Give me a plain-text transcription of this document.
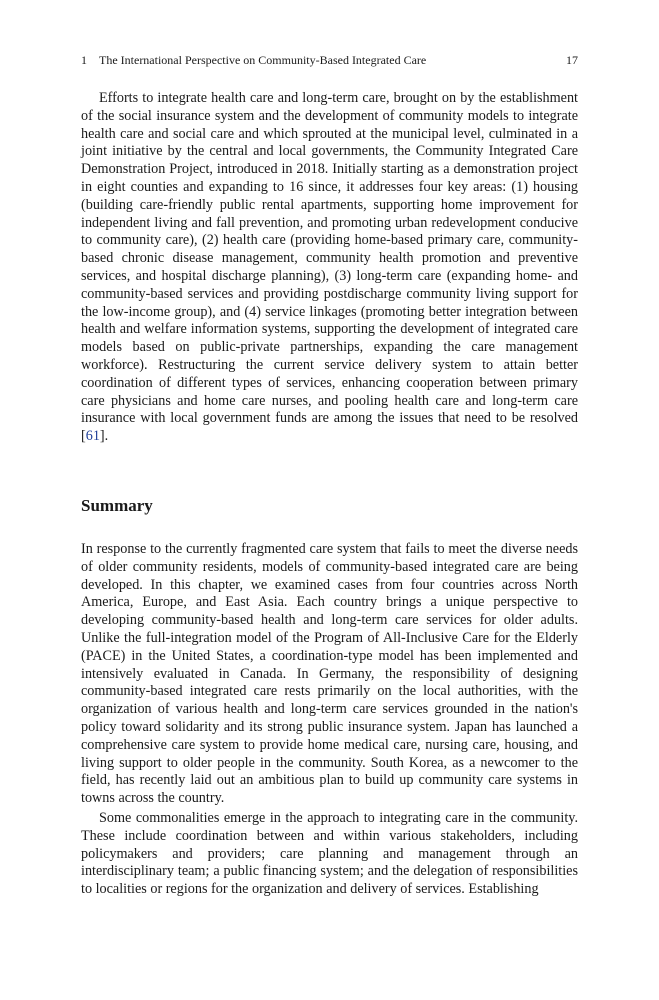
1 The International Perspective on Community-Based Integrated Care	17

Efforts to integrate health care and long-term care, brought on by the establishment of the social insurance system and the development of community models to integrate health care and social care and which sprouted at the municipal level, culminated in a joint initiative by the central and local governments, the Community Integrated Care Demonstration Project, introduced in 2018. Initially starting as a demonstration project in eight counties and expanding to 16 since, it addresses four key areas: (1) housing (building care-friendly public rental apartments, supporting home improvement for independent living and fall prevention, and promoting urban redevelopment conducive to community care), (2) health care (providing home-based primary care, community-based chronic disease management, community health promotion and preventive services, and hospital discharge planning), (3) long-term care (expanding home- and community-based services and providing postdischarge community living support for the low-income group), and (4) service linkages (promoting better integration between health and welfare information systems, supporting the development of integrated care models based on public-private partnerships, expanding the care management workforce). Restructuring the current service delivery system to attain better coordination of different types of services, enhancing cooperation between primary care physicians and home care nurses, and pooling health care and long-term care insurance with local government funds are among the issues that need to be resolved [61].

Summary

In response to the currently fragmented care system that fails to meet the diverse needs of older community residents, models of community-based integrated care are being developed. In this chapter, we examined cases from four countries across North America, Europe, and East Asia. Each country brings a unique perspective to developing community-based health and long-term care services for older adults. Unlike the full-integration model of the Program of All-Inclusive Care for the Elderly (PACE) in the United States, a coordination-type model has been implemented and intensively evaluated in Canada. In Germany, the responsibility of designing community-based integrated care rests primarily on the local authorities, with the organization of various health and long-term care services grounded in the nation's policy toward solidarity and its strong public insurance system. Japan has launched a comprehensive care system to provide home medical care, nursing care, housing, and living support to older people in the community. South Korea, as a newcomer to the field, has recently laid out an ambitious plan to build up community care systems in towns across the country.

Some commonalities emerge in the approach to integrating care in the community. These include coordination between and within various stakeholders, including policymakers and providers; care planning and management through an interdisciplinary team; a public financing system; and the delegation of responsibilities to localities or regions for the organization and delivery of services. Establishing
